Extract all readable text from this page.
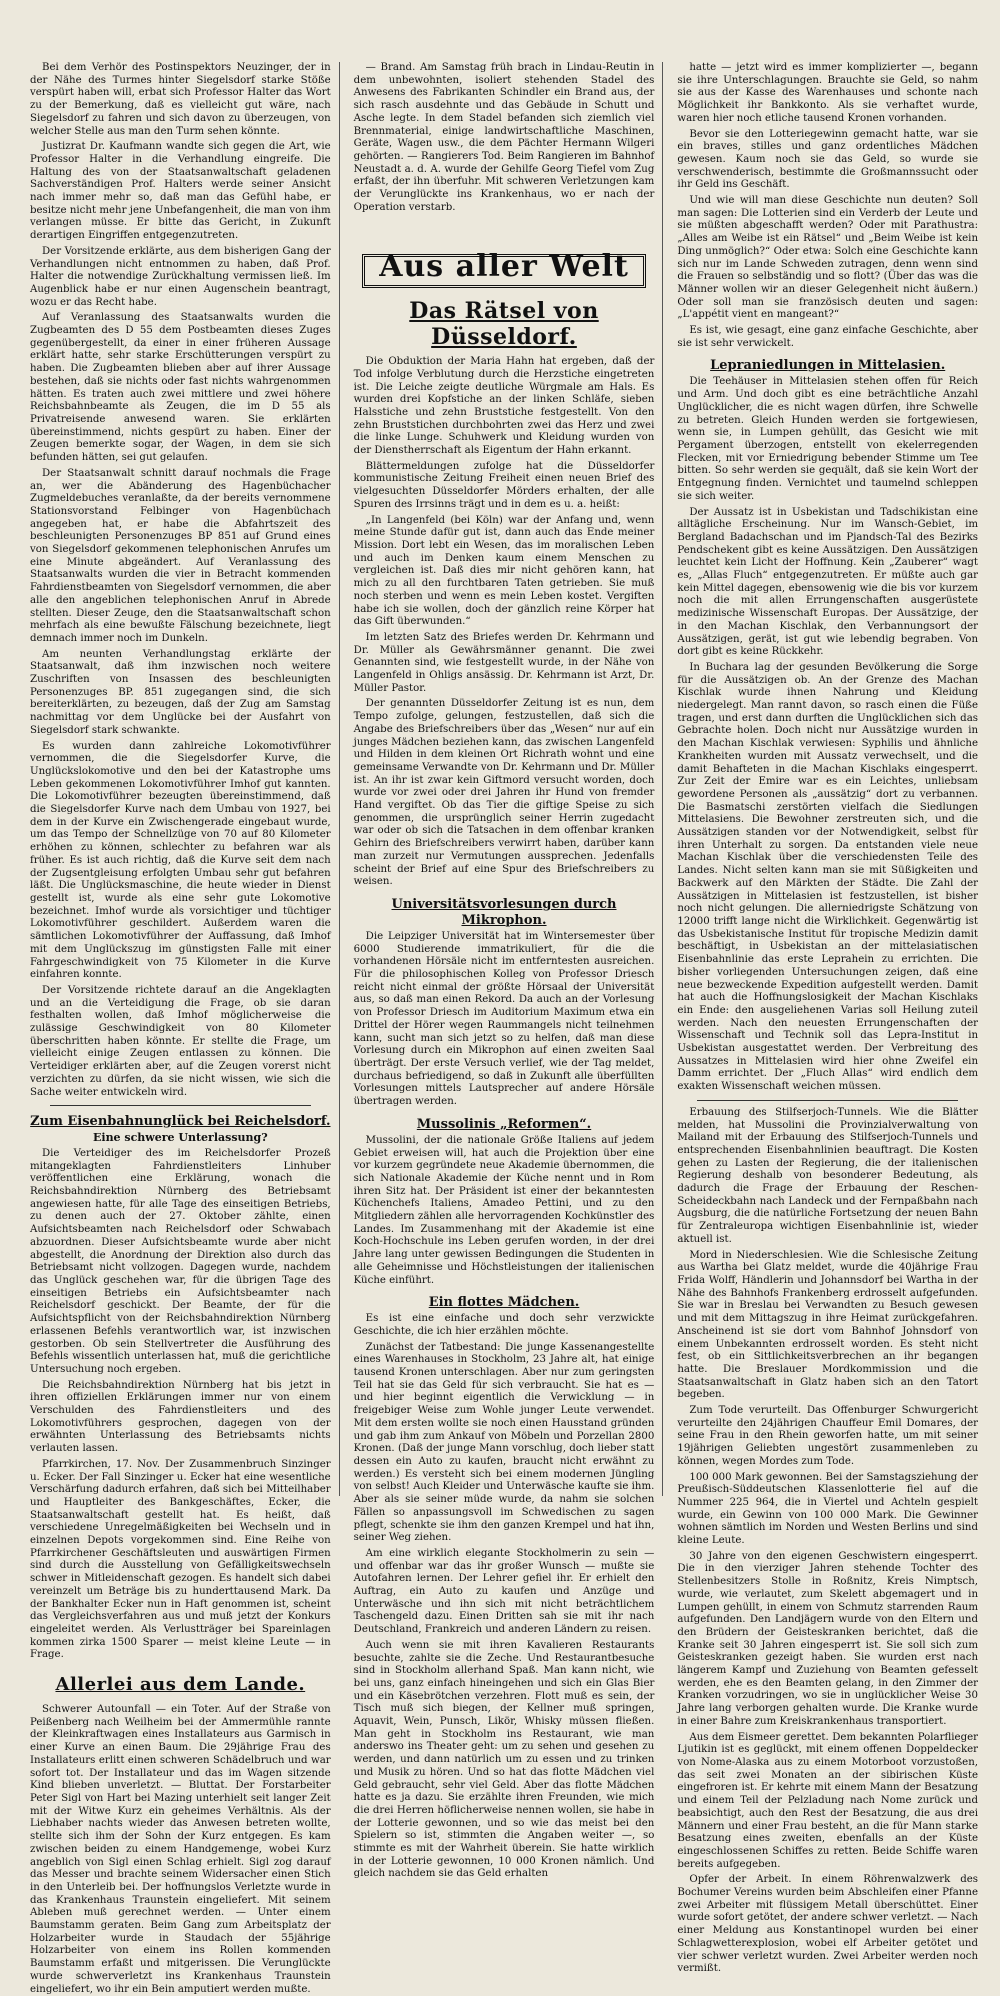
Bei dem Verhör des Postinspektors Neuzinger, der in der Nähe des Turmes hinter Siegelsdorf starke Stöße verspürt haben will, erbat sich Professor Halter das Wort zu der Bemerkung, daß es vielleicht gut wäre, nach Siegelsdorf zu fahren und sich davon zu überzeugen, von welcher Stelle aus man den Turm sehen könnte.

Justizrat Dr. Kaufmann wandte sich gegen die Art, wie Professor Halter in die Verhandlung eingreife. Die Haltung des von der Staatsanwaltschaft geladenen Sachverständigen Prof. Halters werde seiner Ansicht nach immer mehr so, daß man das Gefühl habe, er besitze nicht mehr jene Unbefangenheit, die man von ihm verlangen müsse. Er bitte das Gericht, in Zukunft derartigen Eingriffen entgegenzutreten.

Der Vorsitzende erklärte, aus dem bisherigen Gang der Verhandlungen nicht entnommen zu haben, daß Prof. Halter die notwendige Zurückhaltung vermissen ließ. Im Augenblick habe er nur einen Augenschein beantragt, wozu er das Recht habe.

Auf Veranlassung des Staatsanwalts wurden die Zugbeamten des D 55 dem Postbeamten dieses Zuges gegenübergestellt, da einer in einer früheren Aussage erklärt hatte, sehr starke Erschütterungen verspürt zu haben. Die Zugbeamten blieben aber auf ihrer Aussage bestehen, daß sie nichts oder fast nichts wahrgenommen hätten. Es traten auch zwei mittlere und zwei höhere Reichsbahnbeamte als Zeugen, die im D 55 als Privatreisende anwesend waren. Sie erklärten übereinstimmend, nichts gespürt zu haben. Einer der Zeugen bemerkte sogar, der Wagen, in dem sie sich befunden hätten, sei gut gelaufen.

Der Staatsanwalt schnitt darauf nochmals die Frage an, wer die Abänderung des Hagenbüchacher Zugmeldebuches veranlaßte, da der bereits vernommene Stationsvorstand Felbinger von Hagenbüchach angegeben hat, er habe die Abfahrtszeit des beschleunigten Personenzuges BP 851 auf Grund eines von Siegelsdorf gekommenen telephonischen Anrufes um eine Minute abgeändert. Auf Veranlassung des Staatsanwalts wurden die vier in Betracht kommenden Fahrdienstbeamten von Siegelsdorf vernommen, die aber alle den angeblichen telephonischen Anruf in Abrede stellten. Dieser Zeuge, den die Staatsanwaltschaft schon mehrfach als eine bewußte Fälschung bezeichnete, liegt demnach immer noch im Dunkeln.

Am neunten Verhandlungstag erklärte der Staatsanwalt, daß ihm inzwischen noch weitere Zuschriften von Insassen des beschleunigten Personenzuges BP. 851 zugegangen sind, die sich bereiterklärten, zu bezeugen, daß der Zug am Samstag nachmittag vor dem Unglücke bei der Ausfahrt von Siegelsdorf stark schwankte.

Es wurden dann zahlreiche Lokomotivführer vernommen, die die Siegelsdorfer Kurve, die Unglückslokomotive und den bei der Katastrophe ums Leben gekommenen Lokomotivführer Imhof gut kannten. Die Lokomotivführer bezeugten übereinstimmend, daß die Siegelsdorfer Kurve nach dem Umbau von 1927, bei dem in der Kurve ein Zwischengerade eingebaut wurde, um das Tempo der Schnellzüge von 70 auf 80 Kilometer erhöhen zu können, schlechter zu befahren war als früher. Es ist auch richtig, daß die Kurve seit dem nach der Zugsentgleisung erfolgten Umbau sehr gut befahren läßt. Die Unglücksmaschine, die heute wieder in Dienst gestellt ist, wurde als eine sehr gute Lokomotive bezeichnet. Imhof wurde als vorsichtiger und tüchtiger Lokomotivführer geschildert. Außerdem waren die sämtlichen Lokomotivführer der Auffassung, daß Imhof mit dem Unglückszug im günstigsten Falle mit einer Fahrgeschwindigkeit von 75 Kilometer in die Kurve einfahren konnte.

Der Vorsitzende richtete darauf an die Angeklagten und an die Verteidigung die Frage, ob sie daran festhalten wollen, daß Imhof möglicherweise die zulässige Geschwindigkeit von 80 Kilometer überschritten haben könnte. Er stellte die Frage, um vielleicht einige Zeugen entlassen zu können. Die Verteidiger erklärten aber, auf die Zeugen vorerst nicht verzichten zu dürfen, da sie nicht wissen, wie sich die Sache weiter entwickeln wird.

Zum Eisenbahnunglück bei Reichelsdorf.
Eine schwere Unterlassung?

Die Verteidiger des im Reichelsdorfer Prozeß mitangeklagten Fahrdienstleiters Linhuber veröffentlichen eine Erklärung, wonach die Reichsbahndirektion Nürnberg des Betriebsamt angewiesen hatte, für alle Tage des einseitigen Betriebs, zu denen auch der 27. Oktober zählte, einen Aufsichtsbeamten nach Reichelsdorf oder Schwabach abzuordnen. Dieser Aufsichtsbeamte wurde aber nicht abgestellt, die Anordnung der Direktion also durch das Betriebsamt nicht vollzogen. Dagegen wurde, nachdem das Unglück geschehen war, für die übrigen Tage des einseitigen Betriebs ein Aufsichtsbeamter nach Reichelsdorf geschickt. Der Beamte, der für die Aufsichtspflicht von der Reichsbahndirektion Nürnberg erlassenen Befehls verantwortlich war, ist inzwischen gestorben. Ob sein Stellvertreter die Ausführung des Befehls wissentlich unterlassen hat, muß die gerichtliche Untersuchung noch ergeben.

Die Reichsbahndirektion Nürnberg hat bis jetzt in ihren offiziellen Erklärungen immer nur von einem Verschulden des Fahrdienstleiters und des Lokomotivführers gesprochen, dagegen von der erwähnten Unterlassung des Betriebsamts nichts verlauten lassen.

Pfarrkirchen, 17. Nov. Der Zusammenbruch Sinzinger u. Ecker. Der Fall Sinzinger u. Ecker hat eine wesentliche Verschärfung dadurch erfahren, daß sich bei Mitteilhaber und Hauptleiter des Bankgeschäftes, Ecker, die Staatsanwaltschaft gestellt hat. Es heißt, daß verschiedene Unregelmäßigkeiten bei Wechseln und in einzelnen Depots vorgekommen sind. Eine Reihe von Pfarrkirchener Geschäftsleuten und auswärtigen Firmen sind durch die Ausstellung von Gefälligkeitswechseln schwer in Mitleidenschaft gezogen. Es handelt sich dabei vereinzelt um Beträge bis zu hunderttausend Mark. Da der Bankhalter Ecker nun in Haft genommen ist, scheint das Vergleichsverfahren aus und muß jetzt der Konkurs eingeleitet werden. Als Verlustträger bei Spareinlagen kommen zirka 1500 Sparer — meist kleine Leute — in Frage.

Allerlei aus dem Lande.

Schwerer Autounfall — ein Toter. Auf der Straße von Peißenberg nach Weilheim bei der Ammermühle rannte der Kleinkraftwagen eines Installateurs aus Garmisch in einer Kurve an einen Baum. Die 29jährige Frau des Installateurs erlitt einen schweren Schädelbruch und war sofort tot. Der Installateur und das im Wagen sitzende Kind blieben unverletzt. — Bluttat. Der Forstarbeiter Peter Sigl von Hart bei Mazing unterhielt seit langer Zeit mit der Witwe Kurz ein geheimes Verhältnis. Als der Liebhaber nachts wieder das Anwesen betreten wollte, stellte sich ihm der Sohn der Kurz entgegen. Es kam zwischen beiden zu einem Handgemenge, wobei Kurz angeblich von Sigl einen Schlag erhielt. Sigl zog darauf das Messer und brachte seinem Widersacher einen Stich in den Unterleib bei. Der hoffnungslos Verletzte wurde in das Krankenhaus Traunstein eingeliefert. Mit seinem Ableben muß gerechnet werden. — Unter einem Baumstamm geraten. Beim Gang zum Arbeitsplatz der Holzarbeiter wurde in Staudach der 55jährige Holzarbeiter von einem ins Rollen kommenden Baumstamm erfaßt und mitgerissen. Die Verunglückte wurde schwerverletzt ins Krankenhaus Traunstein eingeliefert, wo ihr ein Bein amputiert werden mußte.

— Brand. Am Samstag früh brach in Lindau-Reutin in dem unbewohnten, isoliert stehenden Stadel des Anwesens des Fabrikanten Schindler ein Brand aus, der sich rasch ausdehnte und das Gebäude in Schutt und Asche legte. In dem Stadel befanden sich ziemlich viel Brennmaterial, einige landwirtschaftliche Maschinen, Geräte, Wagen usw., die dem Pächter Hermann Wilgeri gehörten. — Rangierers Tod. Beim Rangieren im Bahnhof Neustadt a. d. A. wurde der Gehilfe Georg Tiefel vom Zug erfaßt, der ihn überfuhr. Mit schweren Verletzungen kam der Verunglückte ins Krankenhaus, wo er nach der Operation verstarb.

Aus aller Welt
Das Rätsel von Düsseldorf.

Die Obduktion der Maria Hahn hat ergeben, daß der Tod infolge Verblutung durch die Herzstiche eingetreten ist. Die Leiche zeigte deutliche Würgmale am Hals. Es wurden drei Kopfstiche an der linken Schläfe, sieben Halsstiche und zehn Bruststiche festgestellt. Von den zehn Bruststichen durchbohrten zwei das Herz und zwei die linke Lunge. Schuhwerk und Kleidung wurden von der Dienstherrschaft als Eigentum der Hahn erkannt.

Blättermeldungen zufolge hat die Düsseldorfer kommunistische Zeitung Freiheit einen neuen Brief des vielgesuchten Düsseldorfer Mörders erhalten, der alle Spuren des Irrsinns trägt und in dem es u. a. heißt:

„In Langenfeld (bei Köln) war der Anfang und, wenn meine Stunde dafür gut ist, dann auch das Ende meiner Mission. Dort lebt ein Wesen, das im moralischen Leben und auch im Denken kaum einem Menschen zu vergleichen ist. Daß dies mir nicht gehören kann, hat mich zu all den furchtbaren Taten getrieben. Sie muß noch sterben und wenn es mein Leben kostet. Vergiften habe ich sie wollen, doch der gänzlich reine Körper hat das Gift überwunden.“

Im letzten Satz des Briefes werden Dr. Kehrmann und Dr. Müller als Gewährsmänner genannt. Die zwei Genannten sind, wie festgestellt wurde, in der Nähe von Langenfeld in Ohligs ansässig. Dr. Kehrmann ist Arzt, Dr. Müller Pastor.

Der genannten Düsseldorfer Zeitung ist es nun, dem Tempo zufolge, gelungen, festzustellen, daß sich die Angabe des Briefschreibers über das „Wesen“ nur auf ein junges Mädchen beziehen kann, das zwischen Langenfeld und Hilden in dem kleinen Ort Richrath wohnt und eine gemeinsame Verwandte von Dr. Kehrmann und Dr. Müller ist. An ihr ist zwar kein Giftmord versucht worden, doch wurde vor zwei oder drei Jahren ihr Hund von fremder Hand vergiftet. Ob das Tier die giftige Speise zu sich genommen, die ursprünglich seiner Herrin zugedacht war oder ob sich die Tatsachen in dem offenbar kranken Gehirn des Briefschreibers verwirrt haben, darüber kann man zurzeit nur Vermutungen aussprechen. Jedenfalls scheint der Brief auf eine Spur des Briefschreibers zu weisen.

Universitätsvorlesungen durch Mikrophon.

Die Leipziger Universität hat im Wintersemester über 6000 Studierende immatrikuliert, für die die vorhandenen Hörsäle nicht im entferntesten ausreichen. Für die philosophischen Kolleg von Professor Driesch reicht nicht einmal der größte Hörsaal der Universität aus, so daß man einen Rekord. Da auch an der Vorlesung von Professor Driesch im Auditorium Maximum etwa ein Drittel der Hörer wegen Raummangels nicht teilnehmen kann, sucht man sich jetzt so zu helfen, daß man diese Vorlesung durch ein Mikrophon auf einen zweiten Saal überträgt. Der erste Versuch verlief, wie der Tag meldet, durchaus befriedigend, so daß in Zukunft alle überfüllten Vorlesungen mittels Lautsprecher auf andere Hörsäle übertragen werden.

Mussolinis „Reformen“.

Mussolini, der die nationale Größe Italiens auf jedem Gebiet erweisen will, hat auch die Projektion über eine vor kurzem gegründete neue Akademie übernommen, die sich Nationale Akademie der Küche nennt und in Rom ihren Sitz hat. Der Präsident ist einer der bekanntesten Küchenchefs Italiens, Amadeo Pettini, und zu den Mitgliedern zählen alle hervorragenden Kochkünstler des Landes. Im Zusammenhang mit der Akademie ist eine Koch-Hochschule ins Leben gerufen worden, in der drei Jahre lang unter gewissen Bedingungen die Studenten in alle Geheimnisse und Höchstleistungen der italienischen Küche einführt.

Ein flottes Mädchen.

Es ist eine einfache und doch sehr verzwickte Geschichte, die ich hier erzählen möchte.

Zunächst der Tatbestand: Die junge Kassenangestellte eines Warenhauses in Stockholm, 23 Jahre alt, hat einige tausend Kronen unterschlagen. Aber nur zum geringsten Teil hat sie das Geld für sich verbraucht. Sie hat es — und hier beginnt eigentlich die Verwicklung — in freigebiger Weise zum Wohle junger Leute verwendet. Mit dem ersten wollte sie noch einen Hausstand gründen und gab ihm zum Ankauf von Möbeln und Porzellan 2800 Kronen. (Daß der junge Mann vorschlug, doch lieber statt dessen ein Auto zu kaufen, braucht nicht erwähnt zu werden.) Es versteht sich bei einem modernen Jüngling von selbst! Auch Kleider und Unterwäsche kaufte sie ihm. Aber als sie seiner müde wurde, da nahm sie solchen Fällen so anpassungsvoll im Schwedischen zu sagen pflegt, schenkte sie ihm den ganzen Krempel und hat ihn, seiner Weg ziehen.

Am eine wirklich elegante Stockholmerin zu sein — und offenbar war das ihr großer Wunsch — mußte sie Autofahren lernen. Der Lehrer gefiel ihr. Er erhielt den Auftrag, ein Auto zu kaufen und Anzüge und Unterwäsche und ihn sich mit nicht beträchtlichem Taschengeld dazu. Einen Dritten sah sie mit ihr nach Deutschland, Frankreich und anderen Ländern zu reisen.

Auch wenn sie mit ihren Kavalieren Restaurants besuchte, zahlte sie die Zeche. Und Restaurantbesuche sind in Stockholm allerhand Spaß. Man kann nicht, wie bei uns, ganz einfach hineingehen und sich ein Glas Bier und ein Käsebrötchen verzehren. Flott muß es sein, der Tisch muß sich biegen, der Kellner muß springen, Aquavit, Wein, Punsch, Likör, Whisky müssen fließen. Man geht in Stockholm ins Restaurant, wie man anderswo ins Theater geht: um zu sehen und gesehen zu werden, und dann natürlich um zu essen und zu trinken und Musik zu hören. Und so hat das flotte Mädchen viel Geld gebraucht, sehr viel Geld. Aber das flotte Mädchen hatte es ja dazu. Sie erzählte ihren Freunden, wie mich die drei Herren höflicherweise nennen wollen, sie habe in der Lotterie gewonnen, und so wie das meist bei den Spielern so ist, stimmten die Angaben weiter —, so stimmte es mit der Wahrheit überein. Sie hatte wirklich in der Lotterie gewonnen, 10 000 Kronen nämlich. Und gleich nachdem sie das Geld erhalten

hatte — jetzt wird es immer komplizierter —, begann sie ihre Unterschlagungen. Brauchte sie Geld, so nahm sie aus der Kasse des Warenhauses und schonte nach Möglichkeit ihr Bankkonto. Als sie verhaftet wurde, waren hier noch etliche tausend Kronen vorhanden.

Bevor sie den Lotteriegewinn gemacht hatte, war sie ein braves, stilles und ganz ordentliches Mädchen gewesen. Kaum noch sie das Geld, so wurde sie verschwenderisch, bestimmte die Großmannssucht oder ihr Geld ins Geschäft.

Und wie will man diese Geschichte nun deuten? Soll man sagen: Die Lotterien sind ein Verderb der Leute und sie müßten abgeschafft werden? Oder mit Parathustra: „Alles am Weibe ist ein Rätsel“ und „Beim Weibe ist kein Ding unmöglich?“ Oder etwa: Solch eine Geschichte kann sich nur im Lande Schweden zutragen, denn wenn sind die Frauen so selbständig und so flott? (Über das was die Männer wollen wir an dieser Gelegenheit nicht äußern.) Oder soll man sie französisch deuten und sagen: „L'appétit vient en mangeant?“

Es ist, wie gesagt, eine ganz einfache Geschichte, aber sie ist sehr verwickelt.

Lepraniedlungen in Mittelasien.

Die Teehäuser in Mittelasien stehen offen für Reich und Arm. Und doch gibt es eine beträchtliche Anzahl Unglücklicher, die es nicht wagen dürfen, ihre Schwelle zu betreten. Gleich Hunden werden sie fortgewiesen, wenn sie, in Lumpen gehüllt, das Gesicht wie mit Pergament überzogen, entstellt von ekelerregenden Flecken, mit vor Erniedrigung bebender Stimme um Tee bitten. So sehr werden sie gequält, daß sie kein Wort der Entgegnung finden. Vernichtet und taumelnd schleppen sie sich weiter.

Der Aussatz ist in Usbekistan und Tadschikistan eine alltägliche Erscheinung. Nur im Wansch-Gebiet, im Bergland Badachschan und im Pjandsch-Tal des Bezirks Pendschekent gibt es keine Aussätzigen. Den Aussätzigen leuchtet kein Licht der Hoffnung. Kein „Zauberer“ wagt es, „Allas Fluch“ entgegenzutreten. Er müßte auch gar kein Mittel dagegen, ebensowenig wie die bis vor kurzem noch die mit allen Errungenschaften ausgerüstete medizinische Wissenschaft Europas. Der Aussätzige, der in den Machan Kischlak, den Verbannungsort der Aussätzigen, gerät, ist gut wie lebendig begraben. Von dort gibt es keine Rückkehr.

In Buchara lag der gesunden Bevölkerung die Sorge für die Aussätzigen ob. An der Grenze des Machan Kischlak wurde ihnen Nahrung und Kleidung niedergelegt. Man rannt davon, so rasch einen die Füße tragen, und erst dann durften die Unglücklichen sich das Gebrachte holen. Doch nicht nur Aussätzige wurden in den Machan Kischlak verwiesen: Syphilis und ähnliche Krankheiten wurden mit Aussatz verwechselt, und die damit Behafteten in die Machan Kischlaks eingesperrt. Zur Zeit der Emire war es ein Leichtes, unliebsam gewordene Personen als „aussätzig“ dort zu verbannen. Die Basmatschi zerstörten vielfach die Siedlungen Mittelasiens. Die Bewohner zerstreuten sich, und die Aussätzigen standen vor der Notwendigkeit, selbst für ihren Unterhalt zu sorgen. Da entstanden viele neue Machan Kischlak über die verschiedensten Teile des Landes. Nicht selten kann man sie mit Süßigkeiten und Backwerk auf den Märkten der Städte. Die Zahl der Aussätzigen in Mittelasien ist festzustellen, ist bisher noch nicht gelungen. Die allerniedrigste Schätzung von 12000 trifft lange nicht die Wirklichkeit. Gegenwärtig ist das Usbekistanische Institut für tropische Medizin damit beschäftigt, in Usbekistan an der mittelasiatischen Eisenbahnlinie das erste Leprahein zu errichten. Die bisher vorliegenden Untersuchungen zeigen, daß eine neue bezweckende Expedition aufgestellt werden. Damit hat auch die Hoffnungslosigkeit der Machan Kischlaks ein Ende: den ausgeliehenen Varias soll Heilung zuteil werden. Nach den neuesten Errungenschaften der Wissenschaft und Technik soll das Lepra-Institut in Usbekistan ausgestattet werden. Der Verbreitung des Aussatzes in Mittelasien wird hier ohne Zweifel ein Damm errichtet. Der „Fluch Allas“ wird endlich dem exakten Wissenschaft weichen müssen.

Erbauung des Stilfserjoch-Tunnels. Wie die Blätter melden, hat Mussolini die Provinzialverwaltung von Mailand mit der Erbauung des Stilfserjoch-Tunnels und entsprechenden Eisenbahnlinien beauftragt. Die Kosten gehen zu Lasten der Regierung, die der italienischen Regierung deshalb von besonderer Bedeutung, als dadurch die Frage der Erbauung der Reschen-Scheideckbahn nach Landeck und der Fernpaßbahn nach Augsburg, die die natürliche Fortsetzung der neuen Bahn für Zentraleuropa wichtigen Eisenbahnlinie ist, wieder aktuell ist.

Mord in Niederschlesien. Wie die Schlesische Zeitung aus Wartha bei Glatz meldet, wurde die 40jährige Frau Frida Wolff, Händlerin und Johannsdorf bei Wartha in der Nähe des Bahnhofs Frankenberg erdrosselt aufgefunden. Sie war in Breslau bei Verwandten zu Besuch gewesen und mit dem Mittagszug in ihre Heimat zurückgefahren. Anscheinend ist sie dort vom Bahnhof Johnsdorf von einem Unbekannten erdrosselt worden. Es steht nicht fest, ob ein Sittlichkeitsverbrechen an ihr begangen hatte. Die Breslauer Mordkommission und die Staatsanwaltschaft in Glatz haben sich an den Tatort begeben.

Zum Tode verurteilt. Das Offenburger Schwurgericht verurteilte den 24jährigen Chauffeur Emil Domares, der seine Frau in den Rhein geworfen hatte, um mit seiner 19jährigen Geliebten ungestört zusammenleben zu können, wegen Mordes zum Tode.

100 000 Mark gewonnen. Bei der Samstagsziehung der Preußisch-Süddeutschen Klassenlotterie fiel auf die Nummer 225 964, die in Viertel und Achteln gespielt wurde, ein Gewinn von 100 000 Mark. Die Gewinner wohnen sämtlich im Norden und Westen Berlins und sind kleine Leute.

30 Jahre von den eigenen Geschwistern eingesperrt. Die in den vierziger Jahren stehende Tochter des Stellenbesitzers Stolle in Roßnitz, Kreis Nimptsch, wurde, wie verlautet, zum Skelett abgemagert und in Lumpen gehüllt, in einem von Schmutz starrenden Raum aufgefunden. Den Landjägern wurde von den Eltern und den Brüdern der Geisteskranken berichtet, daß die Kranke seit 30 Jahren eingesperrt ist. Sie soll sich zum Geisteskranken gezeigt haben. Sie wurden erst nach längerem Kampf und Zuziehung von Beamten gefesselt werden, ehe es den Beamten gelang, in den Zimmer der Kranken vorzudringen, wo sie in unglücklicher Weise 30 Jahre lang verborgen gehalten wurde. Die Kranke wurde in einer Bahre zum Kreiskrankenhaus transportiert.

Aus dem Eismeer gerettet. Dem bekannten Polarflieger Ljutikin ist es geglückt, mit einem offenen Doppeldecker von Nome-Alaska aus zu einem Motorboot vorzustoßen, das seit zwei Monaten an der sibirischen Küste eingefroren ist. Er kehrte mit einem Mann der Besatzung und einem Teil der Pelzladung nach Nome zurück und beabsichtigt, auch den Rest der Besatzung, die aus drei Männern und einer Frau besteht, an die für Mann starke Besatzung eines zweiten, ebenfalls an der Küste eingeschlossenen Schiffes zu retten. Beide Schiffe waren bereits aufgegeben.

Opfer der Arbeit. In einem Röhrenwalzwerk des Bochumer Vereins wurden beim Abschleifen einer Pfanne zwei Arbeiter mit flüssigem Metall überschüttet. Einer wurde sofort getötet, der andere schwer verletzt. — Nach einer Meldung aus Konstantinopel wurden bei einer Schlagwetterexplosion, wobei elf Arbeiter getötet und vier schwer verletzt wurden. Zwei Arbeiter werden noch vermißt.
